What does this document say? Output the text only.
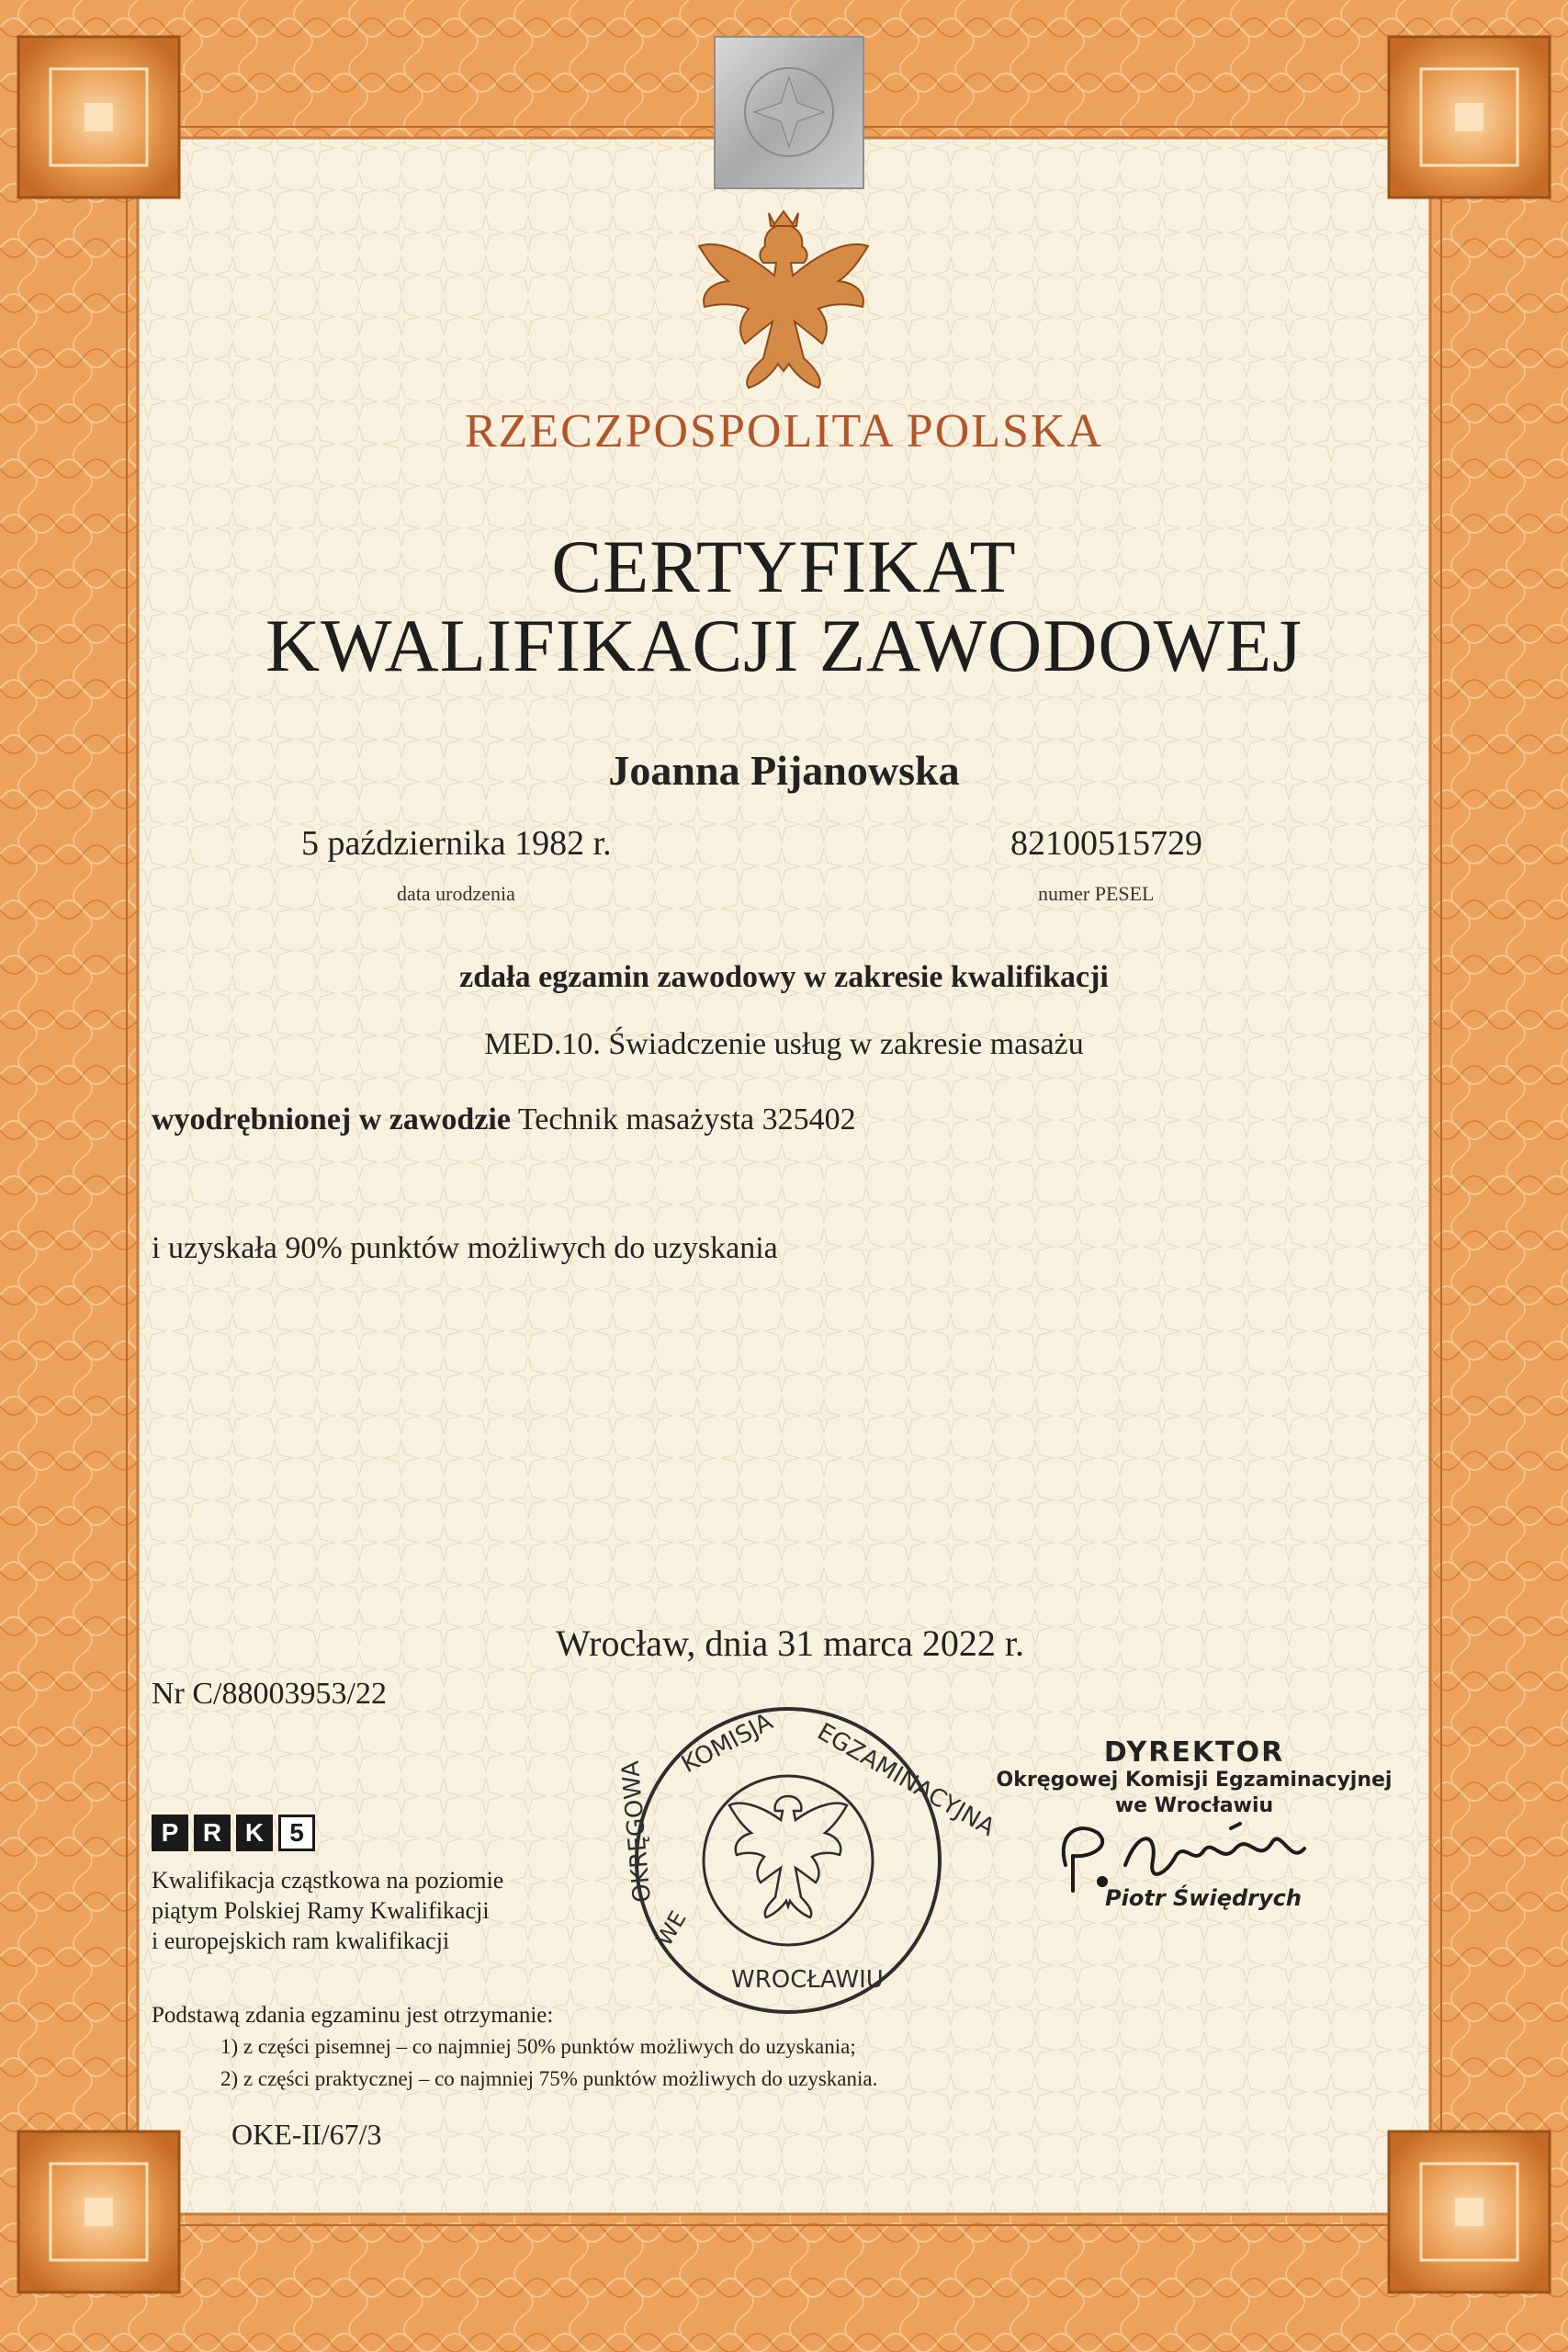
KOMISJA EGZAMINACYJNA
OKRĘGOWA
WROCŁAWIU
WE
RZECZPOSPOLITA POLSKA
CERTYFIKAT
KWALIFIKACJI ZAWODOWEJ
Joanna Pijanowska
5 października 1982 r.
data urodzenia
82100515729
numer PESEL
zdała egzamin zawodowy w zakresie kwalifikacji
MED.10. Świadczenie usług w zakresie masażu
wyodrębnionej w zawodzie Technik masażysta 325402
i uzyskała 90% punktów możliwych do uzyskania
Wrocław, dnia 31 marca 2022 r.
Nr C/88003953/22
P R K 5
Kwalifikacja cząstkowa na poziomie
piątym Polskiej Ramy Kwalifikacji
i europejskich ram kwalifikacji
DYREKTOR
Okręgowej Komisji Egzaminacyjnej
we Wrocławiu
Piotr Świędrych
Podstawą zdania egzaminu jest otrzymanie:
1) z części pisemnej – co najmniej 50% punktów możliwych do uzyskania;
2) z części praktycznej – co najmniej 75% punktów możliwych do uzyskania.
OKE-II/67/3
